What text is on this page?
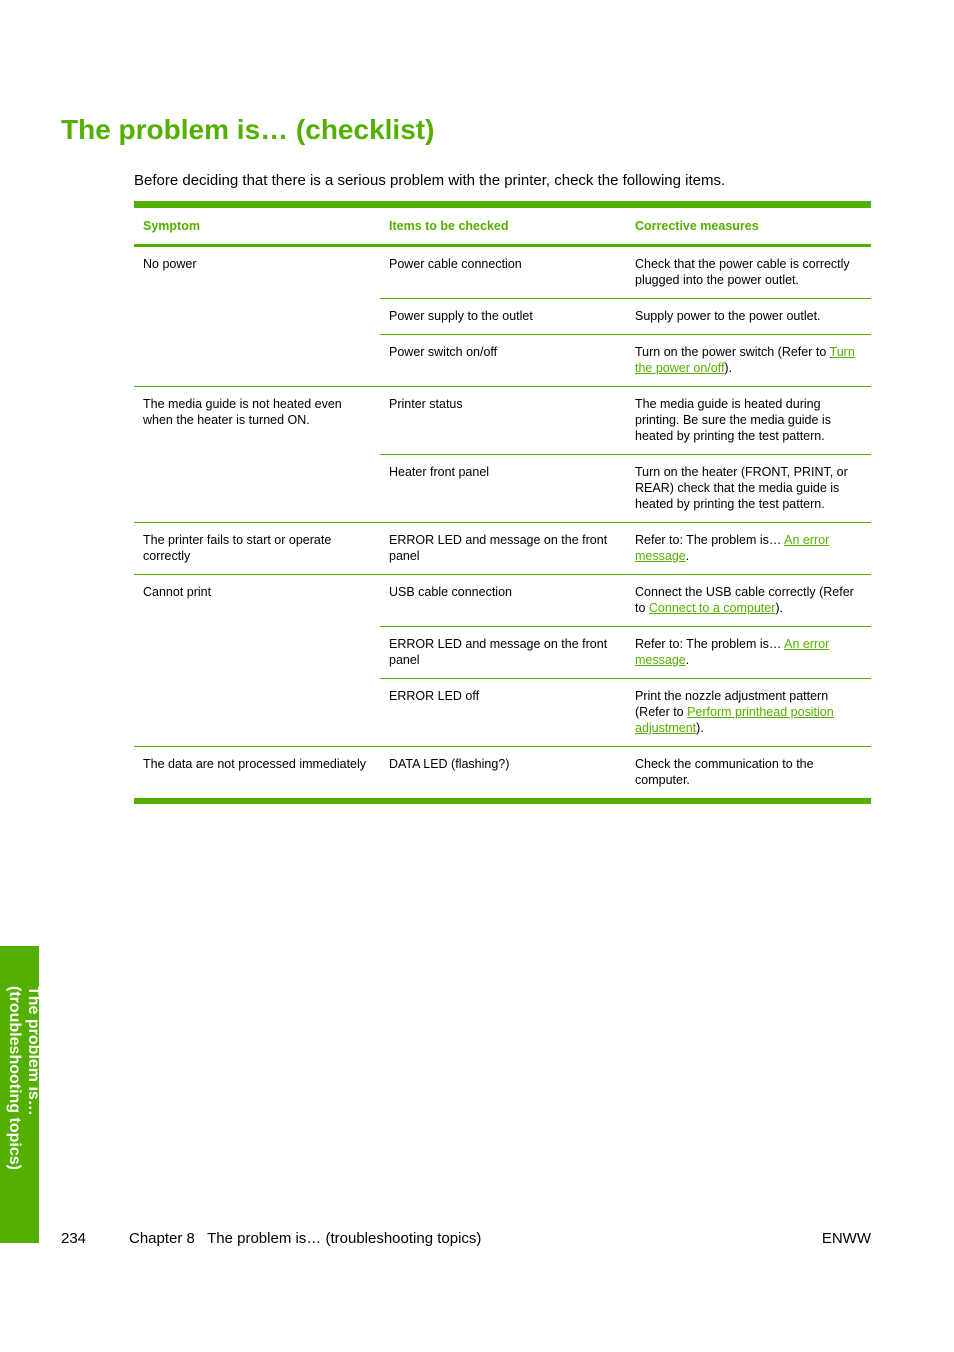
The problem is… (checklist)

Before deciding that there is a serious problem with the printer, check the following items.

Symptom	Items to be checked	Corrective measures
No power	Power cable connection	Check that the power cable is correctly plugged into the power outlet.
	Power supply to the outlet	Supply power to the power outlet.
	Power switch on/off	Turn on the power switch (Refer to Turn the power on/off).
The media guide is not heated even when the heater is turned ON.	Printer status	The media guide is heated during printing. Be sure the media guide is heated by printing the test pattern.
	Heater front panel	Turn on the heater (FRONT, PRINT, or REAR) check that the media guide is heated by printing the test pattern.
The printer fails to start or operate correctly	ERROR LED and message on the front panel	Refer to: The problem is… An error message.
Cannot print	USB cable connection	Connect the USB cable correctly (Refer to Connect to a computer).
	ERROR LED and message on the front panel	Refer to: The problem is… An error message.
	ERROR LED off	Print the nozzle adjustment pattern (Refer to Perform printhead position adjustment).
The data are not processed immediately	DATA LED (flashing?)	Check the communication to the computer.
The problem is…
(troubleshooting topics)
234	Chapter 8   The problem is… (troubleshooting topics)	ENWW
